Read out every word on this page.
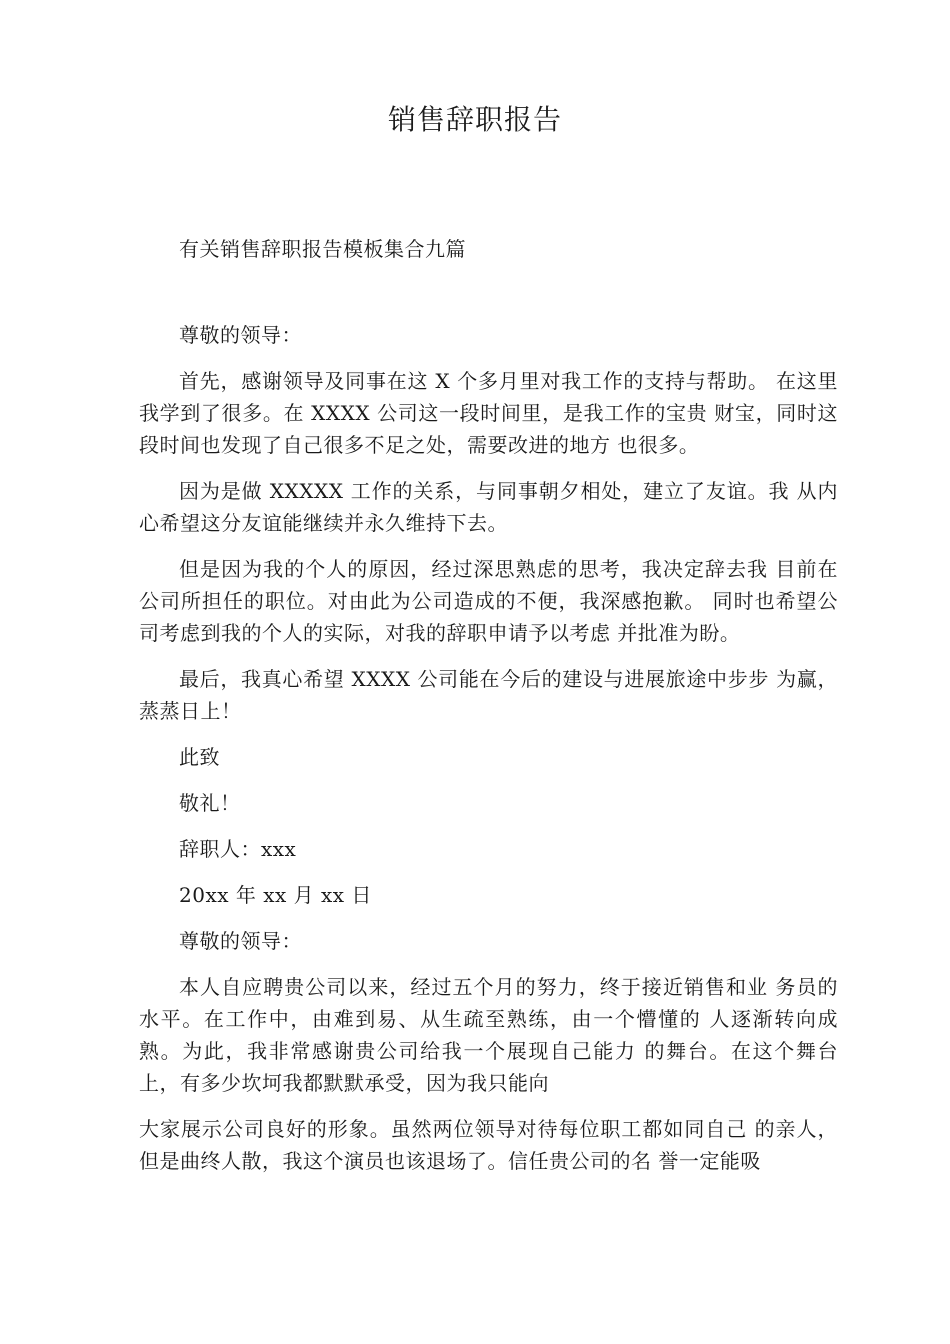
销售辞职报告

有关销售辞职报告模板集合九篇

尊敬的领导：

首先，感谢领导及同事在这 X 个多月里对我工作的支持与帮助。 在这里我学到了很多。在 XXXX 公司这一段时间里，是我工作的宝贵 财宝，同时这段时间也发现了自己很多不足之处，需要改进的地方 也很多。

因为是做 XXXXX 工作的关系，与同事朝夕相处，建立了友谊。我 从内心希望这分友谊能继续并永久维持下去。

但是因为我的个人的原因，经过深思熟虑的思考，我决定辞去我 目前在公司所担任的职位。对由此为公司造成的不便，我深感抱歉。 同时也希望公司考虑到我的个人的实际，对我的辞职申请予以考虑 并批准为盼。

最后，我真心希望 XXXX 公司能在今后的建设与进展旅途中步步 为赢，蒸蒸日上！

此致

敬礼！

辞职人：xxx

20xx 年 xx 月 xx 日

尊敬的领导：

本人自应聘贵公司以来，经过五个月的努力，终于接近销售和业 务员的水平。在工作中，由难到易、从生疏至熟练，由一个懵懂的 人逐渐转向成熟。为此，我非常感谢贵公司给我一个展现自己能力 的舞台。在这个舞台上，有多少坎坷我都默默承受，因为我只能向

大家展示公司良好的形象。虽然两位领导对待每位职工都如同自己 的亲人，但是曲终人散，我这个演员也该退场了。信任贵公司的名 誉一定能吸
